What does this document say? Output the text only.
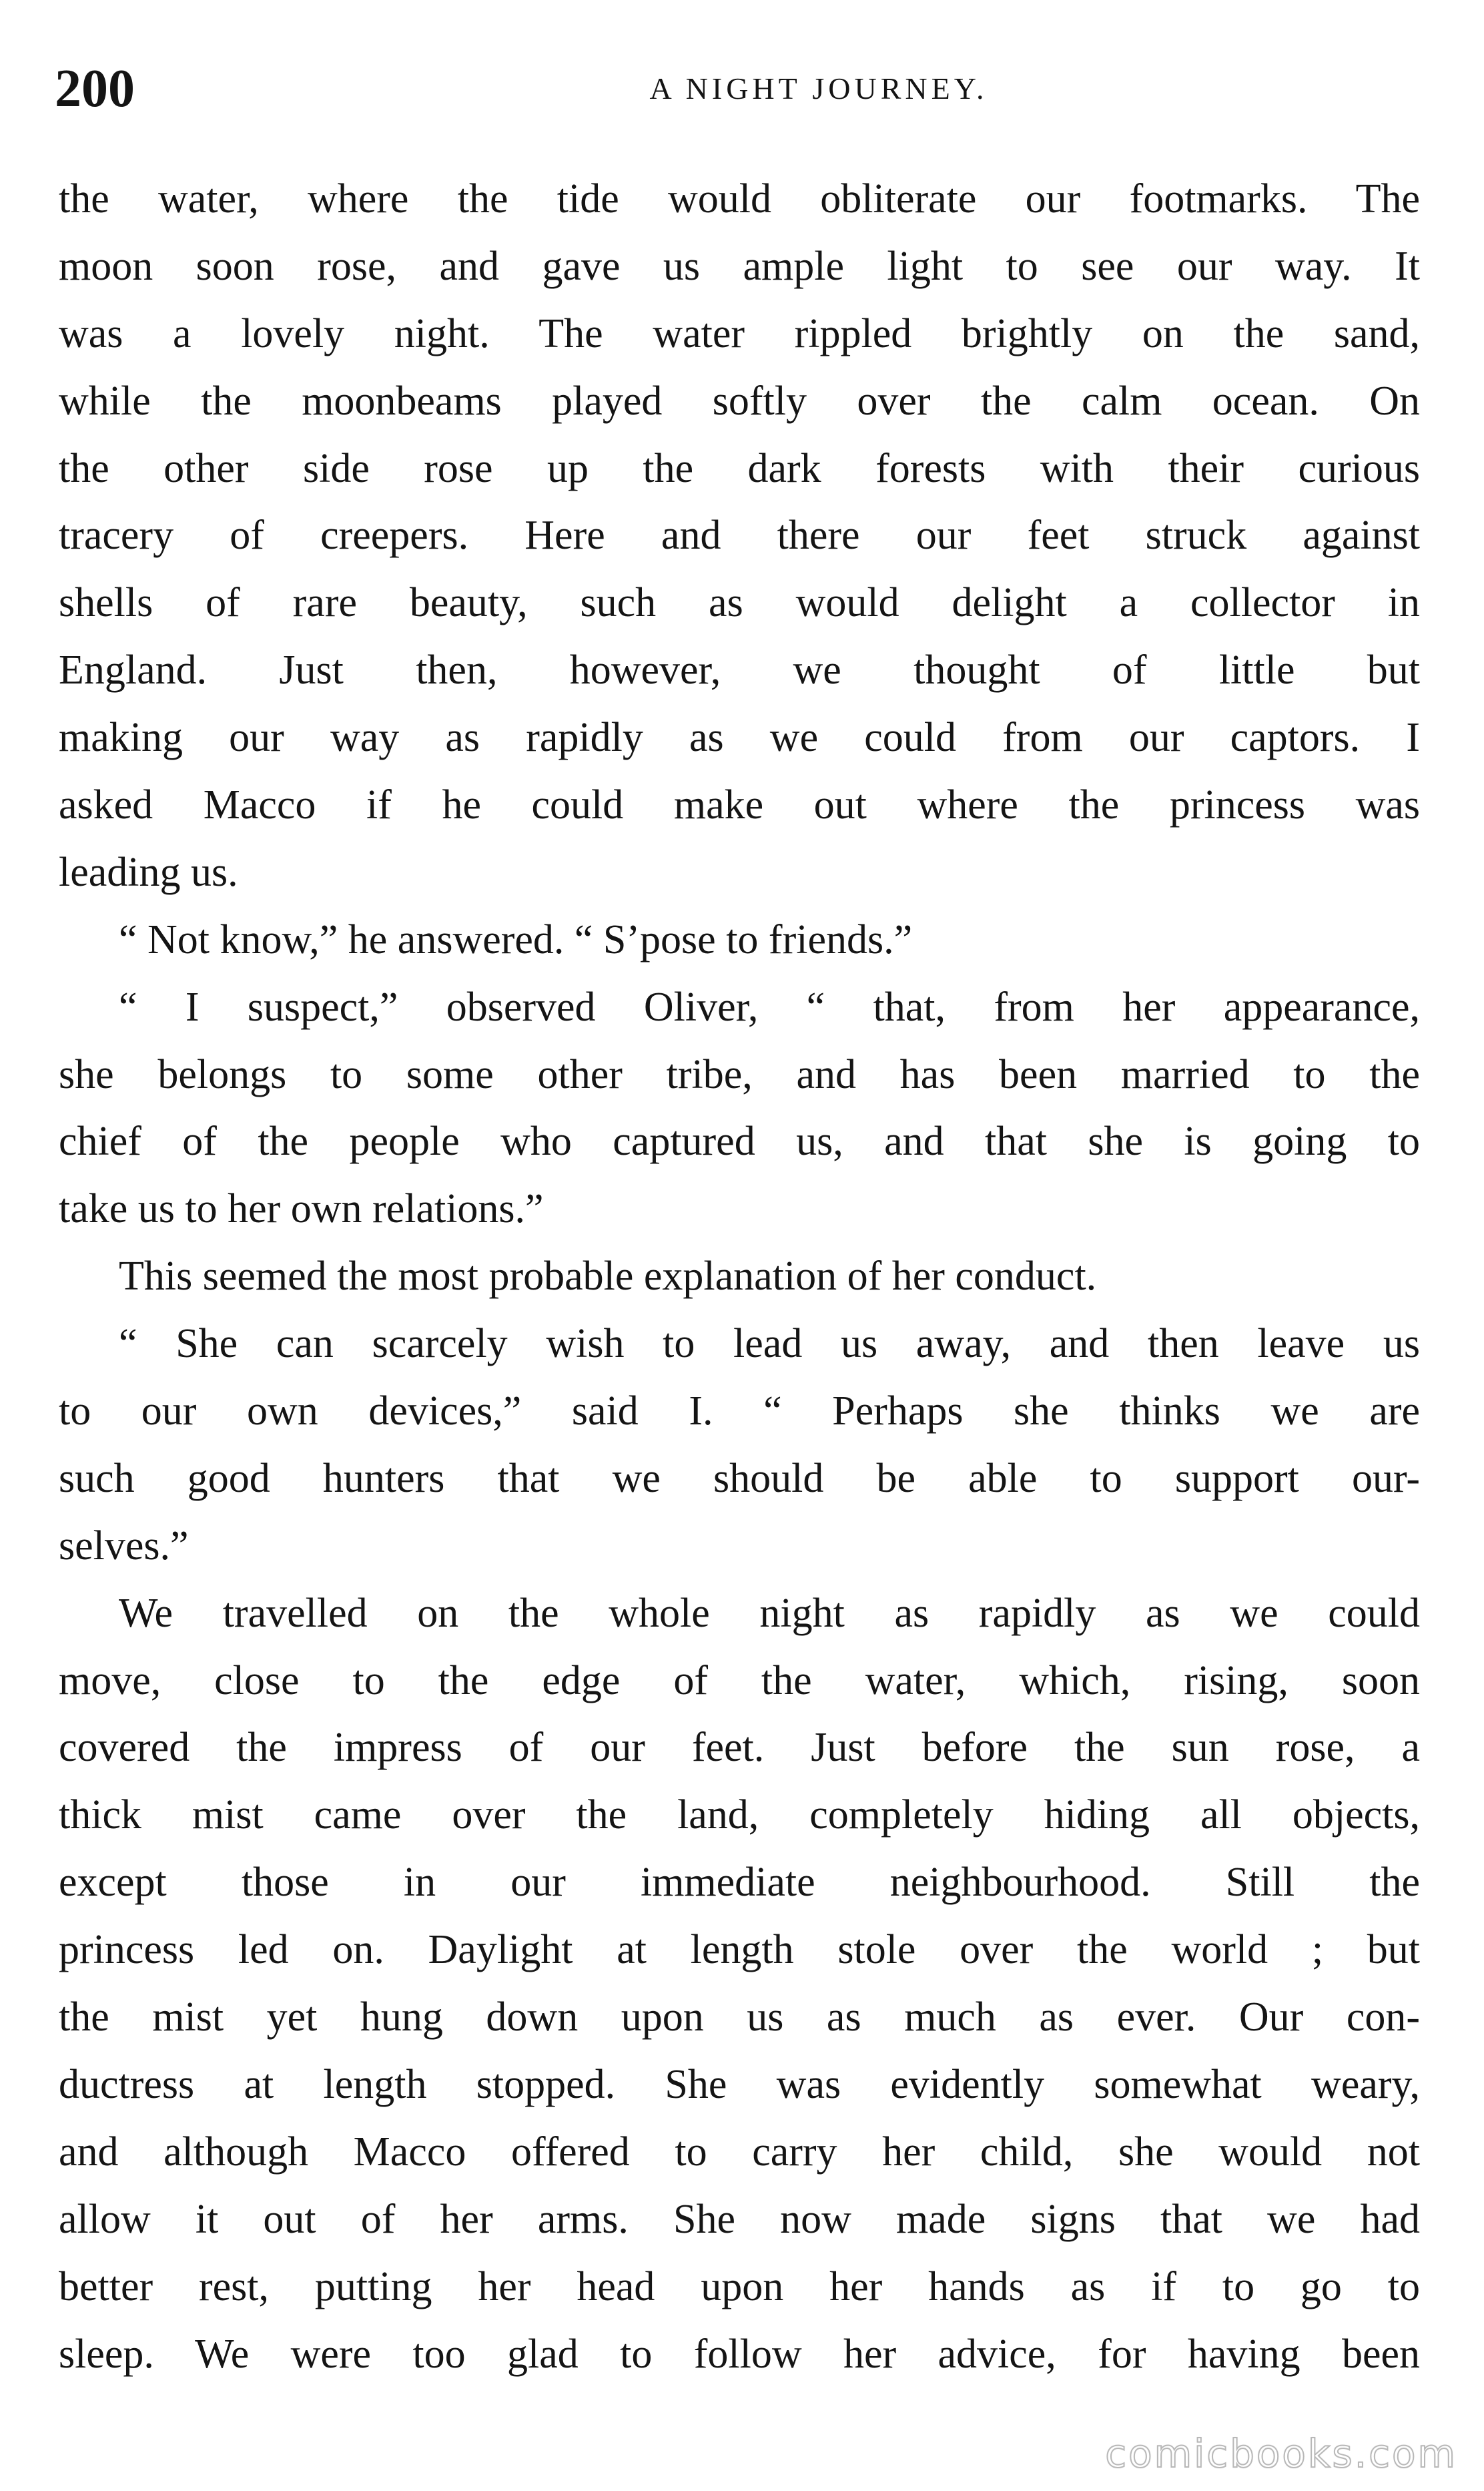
200	A NIGHT JOURNEY.
the water, where the tide would obliterate our footmarks. The
moon soon rose, and gave us ample light to see our way. It
was a lovely night. The water rippled brightly on the sand,
while the moonbeams played softly over the calm ocean. On
the other side rose up the dark forests with their curious
tracery of creepers. Here and there our feet struck against
shells of rare beauty, such as would delight a collector in
England. Just then, however, we thought of little but
making our way as rapidly as we could from our captors. I
asked Macco if he could make out where the princess was
leading us.
“ Not know,” he answered. “ S’pose to friends.”
“ I suspect,” observed Oliver, “ that, from her appearance,
she belongs to some other tribe, and has been married to the
chief of the people who captured us, and that she is going to
take us to her own relations.”
This seemed the most probable explanation of her conduct.
“ She can scarcely wish to lead us away, and then leave us
to our own devices,” said I. “ Perhaps she thinks we are
such good hunters that we should be able to support our-
selves.”
We travelled on the whole night as rapidly as we could
move, close to the edge of the water, which, rising, soon
covered the impress of our feet. Just before the sun rose, a
thick mist came over the land, completely hiding all objects,
except those in our immediate neighbourhood. Still the
princess led on. Daylight at length stole over the world ; but
the mist yet hung down upon us as much as ever. Our con-
ductress at length stopped. She was evidently somewhat weary,
and although Macco offered to carry her child, she would not
allow it out of her arms. She now made signs that we had
better rest, putting her head upon her hands as if to go to
sleep. We were too glad to follow her advice, for having been
comicbooks.com
